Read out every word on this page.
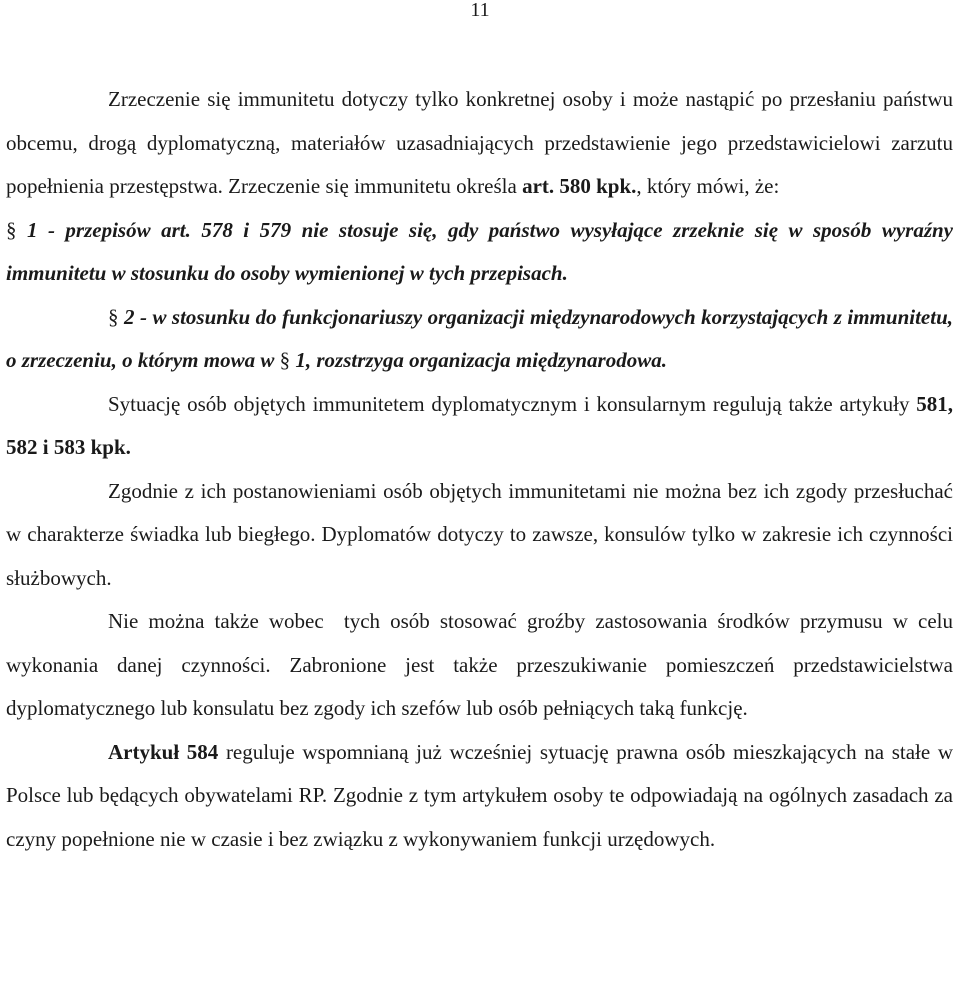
11

Zrzeczenie się immunitetu dotyczy tylko konkretnej osoby i może nastąpić po przesłaniu państwu obcemu, drogą dyplomatyczną, materiałów uzasadniających przedstawienie jego przedstawicielowi zarzutu popełnienia przestępstwa. Zrzeczenie się immunitetu określa art. 580 kpk., który mówi, że:

§ 1 - przepisów art. 578 i 579 nie stosuje się, gdy państwo wysyłające zrzeknie się w sposób wyraźny immunitetu w stosunku do osoby wymienionej w tych przepisach.

§ 2 - w stosunku do funkcjonariuszy organizacji międzynarodowych korzystających z immunitetu, o zrzeczeniu, o którym mowa w § 1, rozstrzyga organizacja międzynarodowa.

Sytuację osób objętych immunitetem dyplomatycznym i konsularnym regulują także artykuły 581, 582 i 583 kpk.

Zgodnie z ich postanowieniami osób objętych immunitetami nie można bez ich zgody przesłuchać w charakterze świadka lub biegłego. Dyplomatów dotyczy to zawsze, konsulów tylko w zakresie ich czynności służbowych.

Nie można także wobec  tych osób stosować groźby zastosowania środków przymusu w celu wykonania danej czynności. Zabronione jest także przeszukiwanie pomieszczeń przedstawicielstwa dyplomatycznego lub konsulatu bez zgody ich szefów lub osób pełniących taką funkcję.

Artykuł 584 reguluje wspomnianą już wcześniej sytuację prawna osób mieszkających na stałe w Polsce lub będących obywatelami RP. Zgodnie z tym artykułem osoby te odpowiadają na ogólnych zasadach za czyny popełnione nie w czasie i bez związku z wykonywaniem funkcji urzędowych.
